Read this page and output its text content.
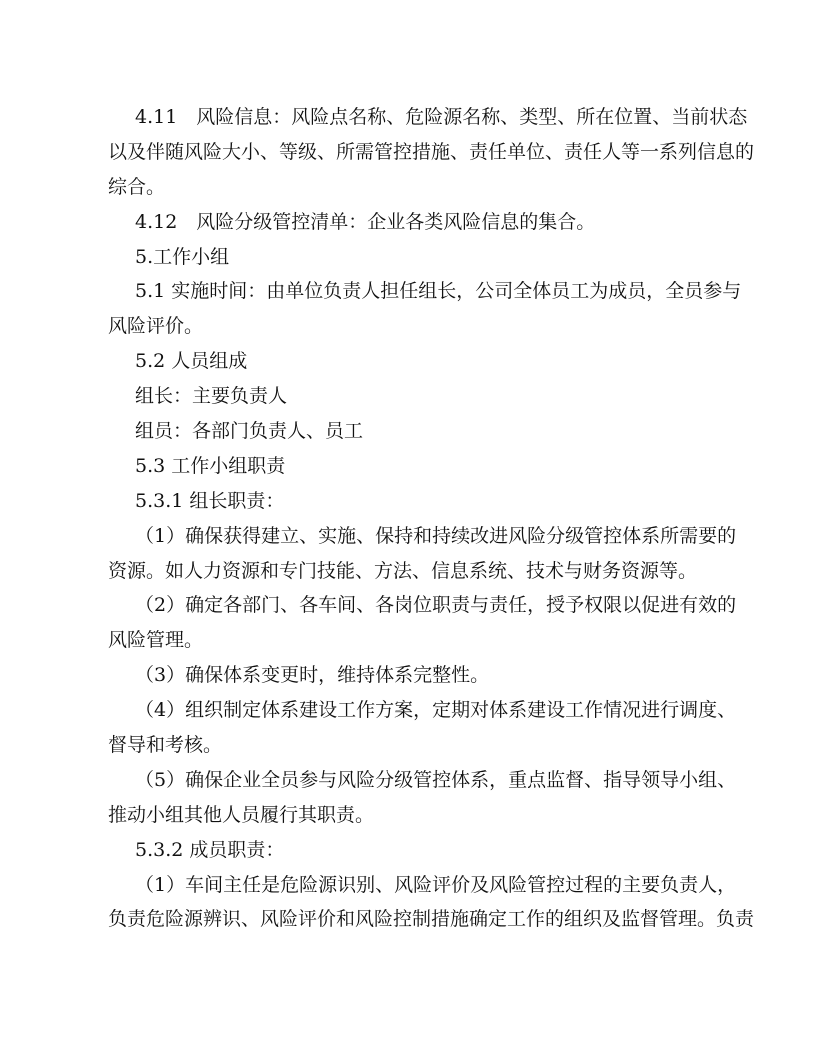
4.11　风险信息：风险点名称、危险源名称、类型、所在位置、当前状态
以及伴随风险大小、等级、所需管控措施、责任单位、责任人等一系列信息的
综合。
4.12　风险分级管控清单：企业各类风险信息的集合。
5.工作小组
5.1 实施时间：由单位负责人担任组长，公司全体员工为成员，全员参与
风险评价。
5.2 人员组成
组长：主要负责人
组员：各部门负责人、员工
5.3 工作小组职责
5.3.1 组长职责：
（1）确保获得建立、实施、保持和持续改进风险分级管控体系所需要的
资源。如人力资源和专门技能、方法、信息系统、技术与财务资源等。
（2）确定各部门、各车间、各岗位职责与责任，授予权限以促进有效的
风险管理。
（3）确保体系变更时，维持体系完整性。
（4）组织制定体系建设工作方案，定期对体系建设工作情况进行调度、
督导和考核。
（5）确保企业全员参与风险分级管控体系，重点监督、指导领导小组、
推动小组其他人员履行其职责。
5.3.2 成员职责：
（1）车间主任是危险源识别、风险评价及风险管控过程的主要负责人，
负责危险源辨识、风险评价和风险控制措施确定工作的组织及监督管理。负责
